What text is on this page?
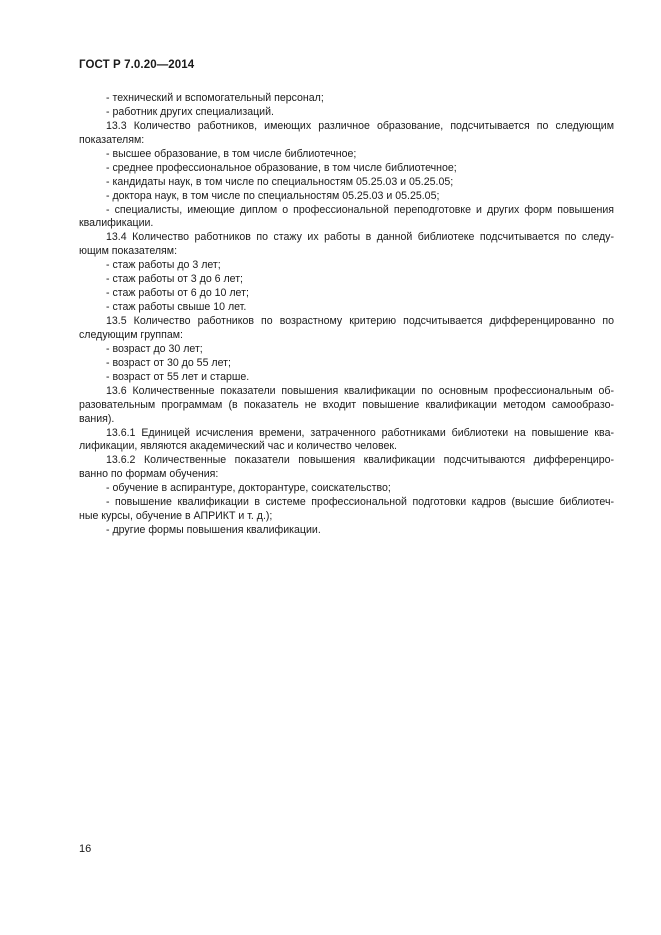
ГОСТ Р 7.0.20—2014
- технический и вспомогательный персонал;
- работник других специализаций.
13.3 Количество работников, имеющих различное образование, подсчитывается по следующим
показателям:
- высшее образование, в том числе библиотечное;
- среднее профессиональное образование, в том числе библиотечное;
- кандидаты наук, в том числе по специальностям 05.25.03 и 05.25.05;
- доктора наук, в том числе по специальностям 05.25.03 и 05.25.05;
- специалисты, имеющие диплом о профессиональной переподготовке и других форм повышения
квалификации.
13.4 Количество работников по стажу их работы в данной библиотеке подсчитывается по следу-
ющим показателям:
- стаж работы до 3 лет;
- стаж работы от 3 до 6 лет;
- стаж работы от 6 до 10 лет;
- стаж работы свыше 10 лет.
13.5 Количество работников по возрастному критерию подсчитывается дифференцированно по
следующим группам:
- возраст до 30 лет;
- возраст от 30 до 55 лет;
- возраст от 55 лет и старше.
13.6 Количественные показатели повышения квалификации по основным профессиональным об-
разовательным программам (в показатель не входит повышение квалификации методом самообразо-
вания).
13.6.1 Единицей исчисления времени, затраченного работниками библиотеки на повышение ква-
лификации, являются академический час и количество человек.
13.6.2 Количественные показатели повышения квалификации подсчитываются дифференциро-
ванно по формам обучения:
- обучение в аспирантуре, докторантуре, соискательство;
- повышение квалификации в системе профессиональной подготовки кадров (высшие библиотеч-
ные курсы, обучение в АПРИКТ и т. д.);
- другие формы повышения квалификации.
16
